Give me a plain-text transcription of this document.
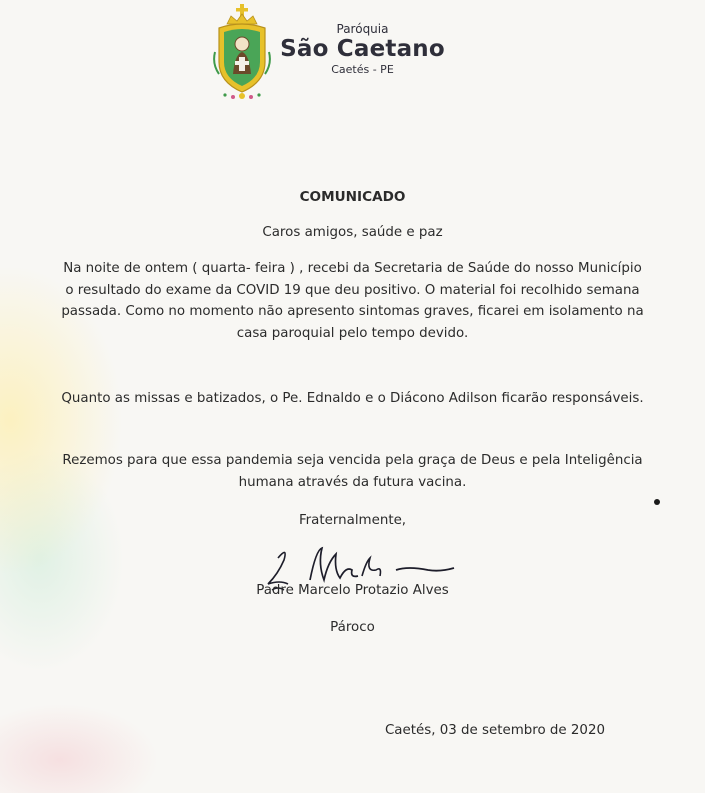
Paróquia
São Caetano
Caetés - PE
COMUNICADO
Caros amigos, saúde e paz
Na noite de ontem ( quarta- feira ) , recebi da Secretaria de Saúde do nosso Município o resultado do exame da COVID 19 que deu positivo. O material foi recolhido semana passada. Como no momento não apresento sintomas graves, ficarei em isolamento na casa paroquial pelo tempo devido.
Quanto as missas e batizados, o Pe. Ednaldo e o Diácono Adilson ficarão responsáveis.
Rezemos para que essa pandemia seja vencida pela graça de Deus e pela Inteligência humana através da futura vacina.
Fraternalmente,
Padre Marcelo Protazio Alves
Pároco
Caetés, 03 de setembro de 2020
